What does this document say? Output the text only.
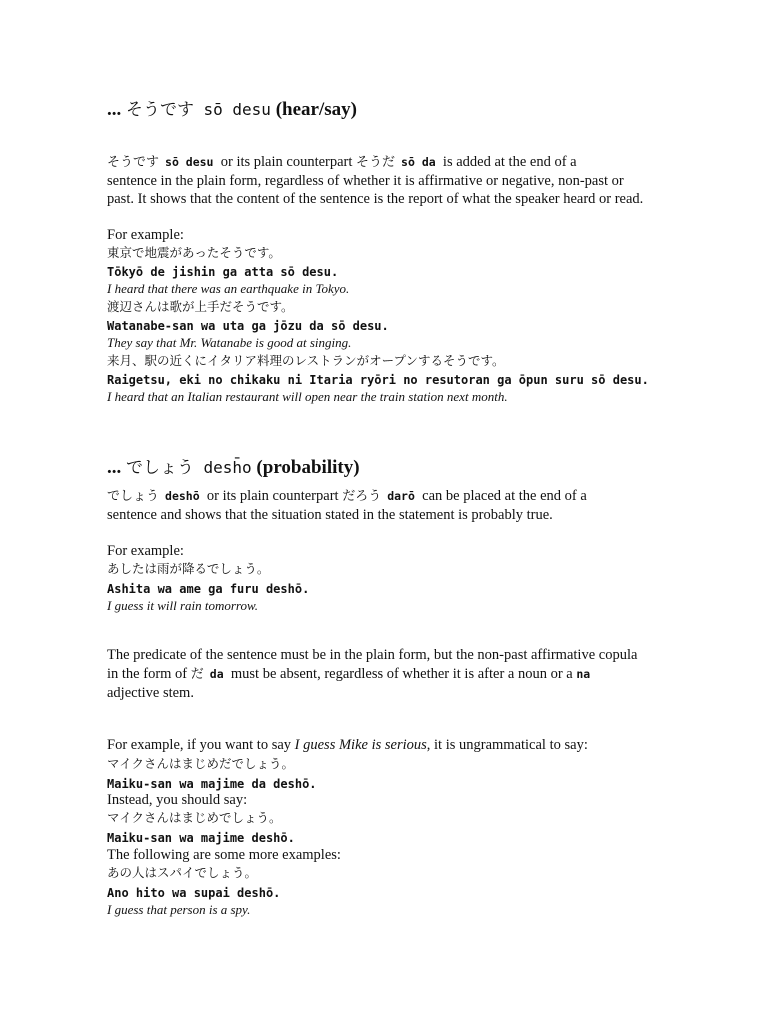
... そうです sō desu (hear/say)
そうです sō desu or its plain counterpart そうだ sō da is added at the end of a
sentence in the plain form, regardless of whether it is affirmative or negative, non-past or
past. It shows that the content of the sentence is the report of what the speaker heard or read.
For example:
東京で地震があったそうです。
Tōkyō de jishin ga atta sō desu.
I heard that there was an earthquake in Tokyo.
渡辺さんは歌が上手だそうです。
Watanabe-san wa uta ga jōzu da sō desu.
They say that Mr. Watanabe is good at singing.
来月、駅の近くにイタリア料理のレストランがオープンするそうです。
Raigetsu, eki no chikaku ni Itaria ryōri no resutoran ga ōpun suru sō desu.
I heard that an Italian restaurant will open near the train station next month.
... でしょう desh̄o (probability)
でしょう deshō or its plain counterpart だろう darō can be placed at the end of a
sentence and shows that the situation stated in the statement is probably true.
For example:
あしたは雨が降るでしょう。
Ashita wa ame ga furu deshō.
I guess it will rain tomorrow.
The predicate of the sentence must be in the plain form, but the non-past affirmative copula
in the form of だ da must be absent, regardless of whether it is after a noun or a na
adjective stem.
For example, if you want to say I guess Mike is serious, it is ungrammatical to say:
マイクさんはまじめだでしょう。
Maiku-san wa majime da deshō.
Instead, you should say:
マイクさんはまじめでしょう。
Maiku-san wa majime deshō.
The following are some more examples:
あの人はスパイでしょう。
Ano hito wa supai deshō.
I guess that person is a spy.
